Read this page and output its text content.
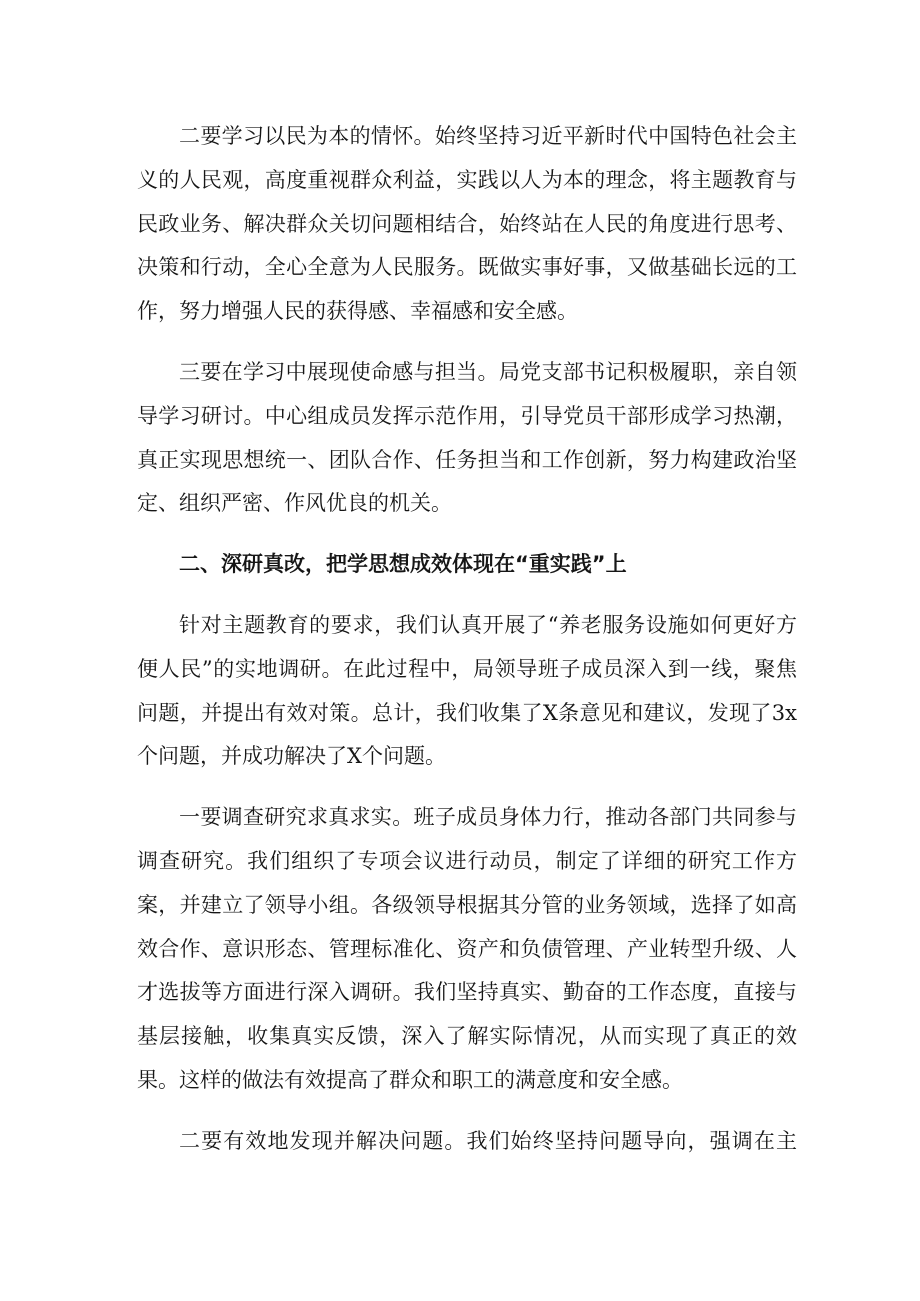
二要学习以民为本的情怀。始终坚持习近平新时代中国特色社会主义的人民观，高度重视群众利益，实践以人为本的理念，将主题教育与民政业务、解决群众关切问题相结合，始终站在人民的角度进行思考、决策和行动，全心全意为人民服务。既做实事好事，又做基础长远的工作，努力增强人民的获得感、幸福感和安全感。

三要在学习中展现使命感与担当。局党支部书记积极履职，亲自领导学习研讨。中心组成员发挥示范作用，引导党员干部形成学习热潮，真正实现思想统一、团队合作、任务担当和工作创新，努力构建政治坚定、组织严密、作风优良的机关。

二、深研真改，把学思想成效体现在“重实践”上

针对主题教育的要求，我们认真开展了“养老服务设施如何更好方便人民”的实地调研。在此过程中，局领导班子成员深入到一线，聚焦问题，并提出有效对策。总计，我们收集了X条意见和建议，发现了3x个问题，并成功解决了X个问题。

一要调查研究求真求实。班子成员身体力行，推动各部门共同参与调查研究。我们组织了专项会议进行动员，制定了详细的研究工作方案，并建立了领导小组。各级领导根据其分管的业务领域，选择了如高效合作、意识形态、管理标准化、资产和负债管理、产业转型升级、人才选拔等方面进行深入调研。我们坚持真实、勤奋的工作态度，直接与基层接触，收集真实反馈，深入了解实际情况，从而实现了真正的效果。这样的做法有效提高了群众和职工的满意度和安全感。

二要有效地发现并解决问题。我们始终坚持问题导向，强调在主
